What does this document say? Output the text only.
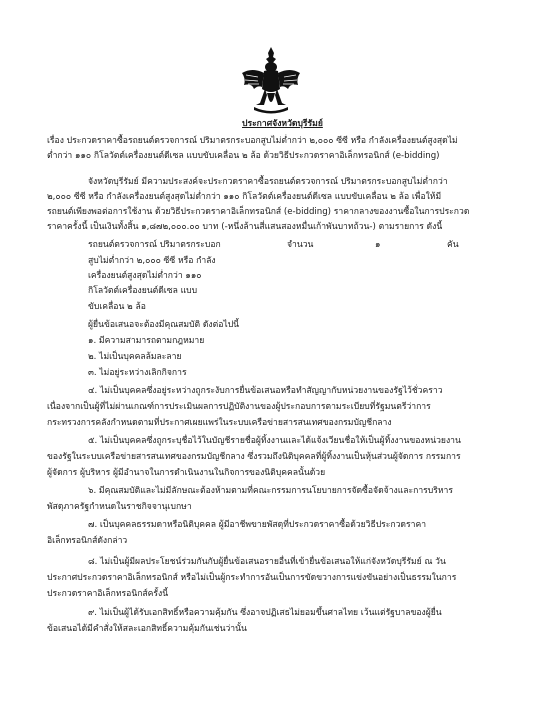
ประกาศจังหวัดบุรีรัมย์
เรื่อง ประกวดราคาซื้อรถยนต์ตรวจการณ์ ปริมาตรกระบอกสูบไม่ต่ำกว่า ๒,๐๐๐ ซีซี หรือ กำลังเครื่องยนต์สูงสุดไม่
ต่ำกว่า ๑๑๐ กิโลวัตต์เครื่องยนต์ดีเซล แบบขับเคลื่อน ๒ ล้อ ด้วยวิธีประกวดราคาอิเล็กทรอนิกส์ (e-bidding)
จังหวัดบุรีรัมย์ มีความประสงค์จะประกวดราคาซื้อรถยนต์ตรวจการณ์ ปริมาตรกระบอกสูบไม่ต่ำกว่า
๒,๐๐๐ ซีซี หรือ กำลังเครื่องยนต์สูงสุดไม่ต่ำกว่า ๑๑๐ กิโลวัตต์เครื่องยนต์ดีเซล แบบขับเคลื่อน ๒ ล้อ เพื่อให้มี
รถยนต์เพียงพอต่อการใช้งาน ด้วยวิธีประกวดราคาอิเล็กทรอนิกส์ (e-bidding) ราคากลางของงานซื้อในการประกวด
ราคาครั้งนี้ เป็นเงินทั้งสิ้น ๑,๘๗๒,๐๐๐.๐๐ บาท (-หนึ่งล้านสี่แสนสองหมื่นเก้าพันบาทถ้วน-) ตามรายการ ดังนี้
รถยนต์ตรวจการณ์ ปริมาตรกระบอก	จำนวน	๑	คัน
สูบไม่ต่ำกว่า ๒,๐๐๐ ซีซี หรือ กำลัง
เครื่องยนต์สูงสุดไม่ต่ำกว่า ๑๑๐
กิโลวัตต์เครื่องยนต์ดีเซล แบบ
ขับเคลื่อน ๒ ล้อ
ผู้ยื่นข้อเสนอจะต้องมีคุณสมบัติ ดังต่อไปนี้
๑. มีความสามารถตามกฎหมาย
๒. ไม่เป็นบุคคลล้มละลาย
๓. ไม่อยู่ระหว่างเลิกกิจการ
๔. ไม่เป็นบุคคลซึ่งอยู่ระหว่างถูกระงับการยื่นข้อเสนอหรือทำสัญญากับหน่วยงานของรัฐไว้ชั่วคราว
เนื่องจากเป็นผู้ที่ไม่ผ่านเกณฑ์การประเมินผลการปฏิบัติงานของผู้ประกอบการตามระเบียบที่รัฐมนตรีว่าการ
กระทรวงการคลังกำหนดตามที่ประกาศเผยแพร่ในระบบเครือข่ายสารสนเทศของกรมบัญชีกลาง
๕. ไม่เป็นบุคคลซึ่งถูกระบุชื่อไว้ในบัญชีรายชื่อผู้ทิ้งงานและได้แจ้งเวียนชื่อให้เป็นผู้ทิ้งงานของหน่วยงาน
ของรัฐในระบบเครือข่ายสารสนเทศของกรมบัญชีกลาง ซึ่งรวมถึงนิติบุคคลที่ผู้ทิ้งงานเป็นหุ้นส่วนผู้จัดการ กรรมการ
ผู้จัดการ ผู้บริหาร ผู้มีอำนาจในการดำเนินงานในกิจการของนิติบุคคลนั้นด้วย
๖. มีคุณสมบัติและไม่มีลักษณะต้องห้ามตามที่คณะกรรมการนโยบายการจัดซื้อจัดจ้างและการบริหาร
พัสดุภาครัฐกำหนดในราชกิจจานุเบกษา
๗. เป็นบุคคลธรรมดาหรือนิติบุคคล ผู้มีอาชีพขายพัสดุที่ประกวดราคาซื้อด้วยวิธีประกวดราคา
อิเล็กทรอนิกส์ดังกล่าว
๘. ไม่เป็นผู้มีผลประโยชน์ร่วมกันกับผู้ยื่นข้อเสนอรายอื่นที่เข้ายื่นข้อเสนอให้แก่จังหวัดบุรีรัมย์ ณ วัน
ประกาศประกวดราคาอิเล็กทรอนิกส์ หรือไม่เป็นผู้กระทำการอันเป็นการขัดขวางการแข่งขันอย่างเป็นธรรมในการ
ประกวดราคาอิเล็กทรอนิกส์ครั้งนี้
๙. ไม่เป็นผู้ได้รับเอกสิทธิ์หรือความคุ้มกัน ซึ่งอาจปฏิเสธไม่ยอมขึ้นศาลไทย เว้นแต่รัฐบาลของผู้ยื่น
ข้อเสนอได้มีคำสั่งให้สละเอกสิทธิ์ความคุ้มกันเช่นว่านั้น
